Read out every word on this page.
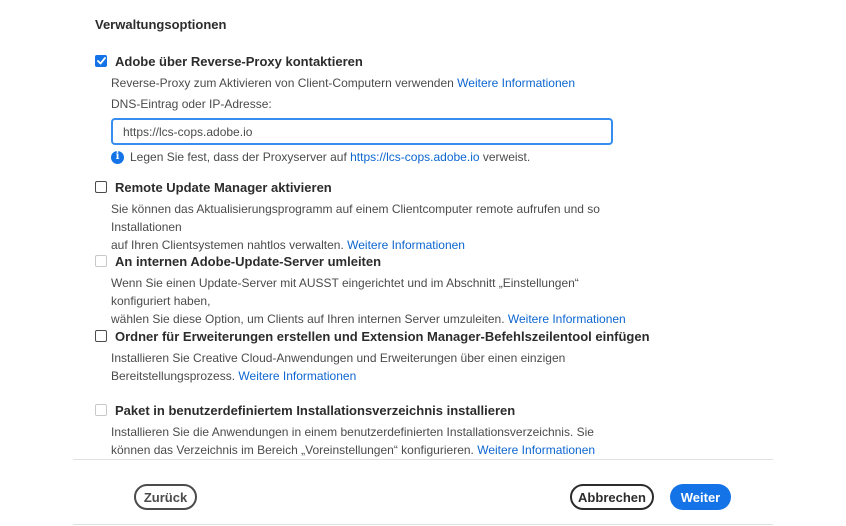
Verwaltungsoptionen
Adobe über Reverse-Proxy kontaktieren
Reverse-Proxy zum Aktivieren von Client-Computern verwenden Weitere Informationen
DNS-Eintrag oder IP-Adresse:
https://lcs-cops.adobe.io
i Legen Sie fest, dass der Proxyserver auf
https://lcs-cops.adobe.io
verweist.
Remote Update Manager aktivieren
Sie können das Aktualisierungsprogramm auf einem Clientcomputer remote aufrufen und so Installationen
auf Ihren Clientsystemen nahtlos verwalten. Weitere Informationen
An internen Adobe-Update-Server umleiten
Wenn Sie einen Update-Server mit AUSST eingerichtet und im Abschnitt „Einstellungen“ konfiguriert haben,
wählen Sie diese Option, um Clients auf Ihren internen Server umzuleiten. Weitere Informationen
Ordner für Erweiterungen erstellen und Extension Manager-Befehlszeilentool einfügen
Installieren Sie Creative Cloud-Anwendungen und Erweiterungen über einen einzigen
Bereitstellungsprozess. Weitere Informationen
Paket in benutzerdefiniertem Installationsverzeichnis installieren
Installieren Sie die Anwendungen in einem benutzerdefinierten Installationsverzeichnis. Sie
können das Verzeichnis im Bereich „Voreinstellungen“ konfigurieren. Weitere Informationen
Zurück	Abbrechen	Weiter
